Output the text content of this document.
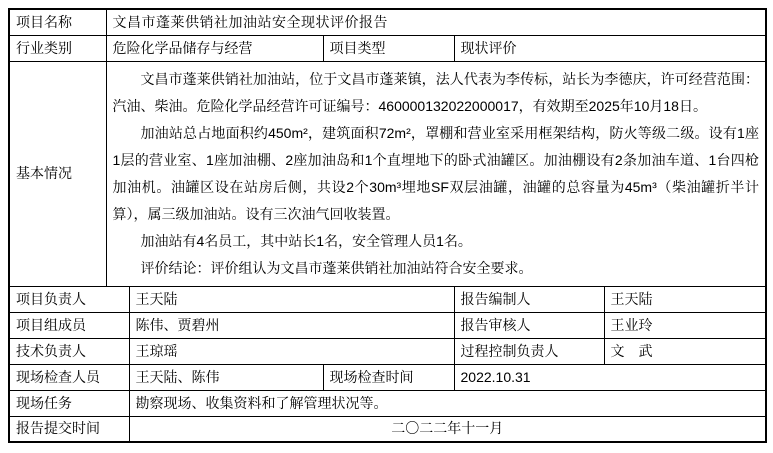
项目名称	文昌市蓬莱供销社加油站安全现状评价报告				
行业类别	危险化学品储存与经营		项目类型	现状评价	
基本情况	文昌市蓬莱供销社加油站，位于文昌市蓬莱镇，法人代表为李传标，站长为李德庆，许可经营范围：汽油、柴油。危险化学品经营许可证编号：460000132022000017，有效期至2025年10月18日。

加油站总占地面积约450m²，建筑面积72m²，罩棚和营业室采用框架结构，防火等级二级。设有1座1层的营业室、1座加油棚、2座加油岛和1个直埋地下的卧式油罐区。加油棚设有2条加油车道、1台四枪加油机。油罐区设在站房后侧，共设2个30m³埋地SF双层油罐，油罐的总容量为45m³（柴油罐折半计算），属三级加油站。设有三次油气回收装置。

加油站有4名员工，其中站长1名，安全管理人员1名。

评价结论：评价组认为文昌市蓬莱供销社加油站符合安全要求。				

项目负责人		王天陆		报告编制人	王天陆
项目组成员		陈伟、贾碧州		报告审核人	王业玲
技术负责人		王琼瑶		过程控制负责人	文　武
现场检查人员		王天陆、陈伟	现场检查时间	2022.10.31	
现场任务		勘察现场、收集资料和了解管理状况等。			
报告提交时间		二〇二二年十一月			
